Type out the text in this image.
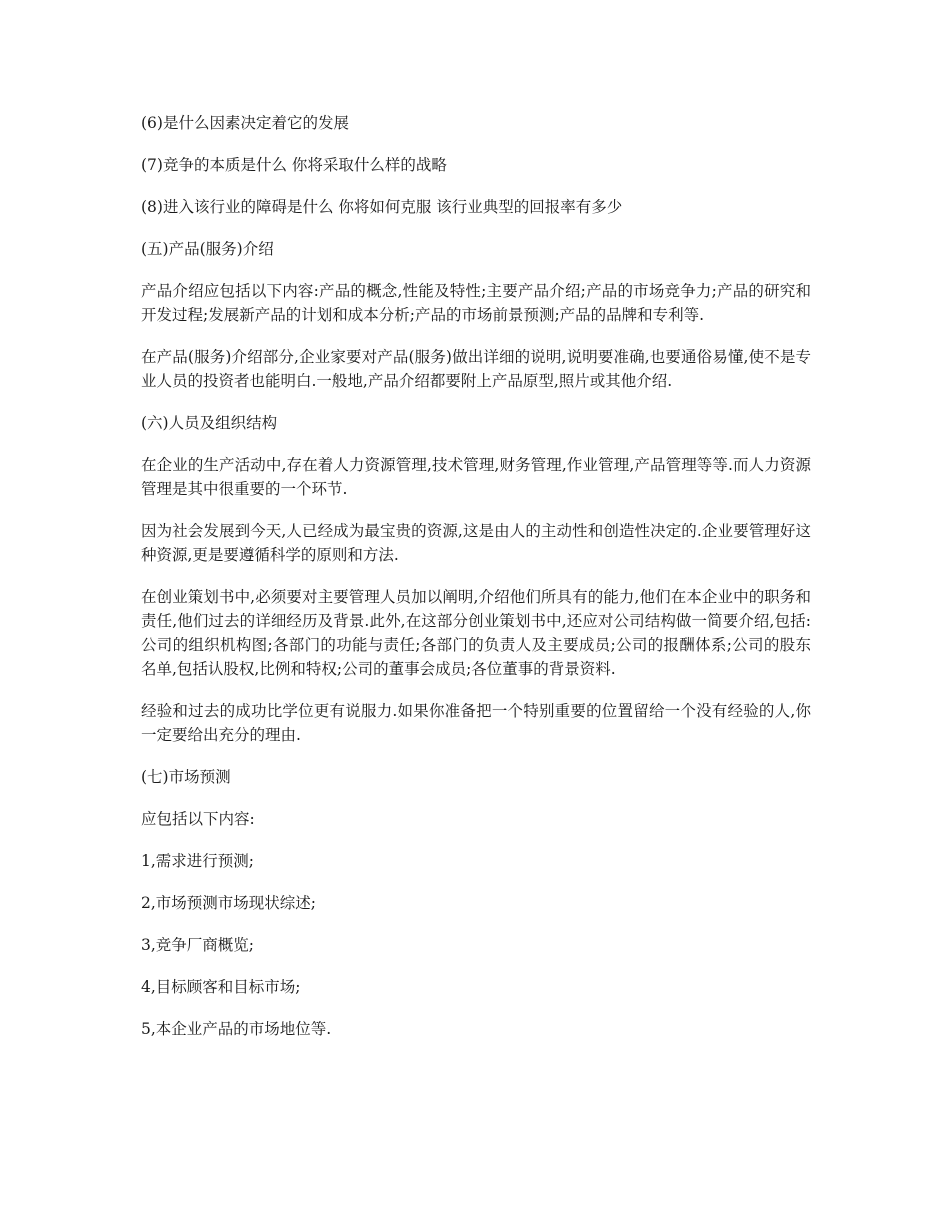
(6)是什么因素决定着它的发展

(7)竞争的本质是什么 你将采取什么样的战略

(8)进入该行业的障碍是什么 你将如何克服 该行业典型的回报率有多少

(五)产品(服务)介绍

产品介绍应包括以下内容:产品的概念,性能及特性;主要产品介绍;产品的市场竞争力;产品的研究和开发过程;发展新产品的计划和成本分析;产品的市场前景预测;产品的品牌和专利等.

在产品(服务)介绍部分,企业家要对产品(服务)做出详细的说明,说明要准确,也要通俗易懂,使不是专业人员的投资者也能明白.一般地,产品介绍都要附上产品原型,照片或其他介绍.

(六)人员及组织结构

在企业的生产活动中,存在着人力资源管理,技术管理,财务管理,作业管理,产品管理等等.而人力资源管理是其中很重要的一个环节.

因为社会发展到今天,人已经成为最宝贵的资源,这是由人的主动性和创造性决定的.企业要管理好这种资源,更是要遵循科学的原则和方法.

在创业策划书中,必须要对主要管理人员加以阐明,介绍他们所具有的能力,他们在本企业中的职务和责任,他们过去的详细经历及背景.此外,在这部分创业策划书中,还应对公司结构做一简要介绍,包括:公司的组织机构图;各部门的功能与责任;各部门的负责人及主要成员;公司的报酬体系;公司的股东名单,包括认股权,比例和特权;公司的董事会成员;各位董事的背景资料.

经验和过去的成功比学位更有说服力.如果你准备把一个特别重要的位置留给一个没有经验的人,你一定要给出充分的理由.

(七)市场预测

应包括以下内容:

1,需求进行预测;

2,市场预测市场现状综述;

3,竞争厂商概览;

4,目标顾客和目标市场;

5,本企业产品的市场地位等.
